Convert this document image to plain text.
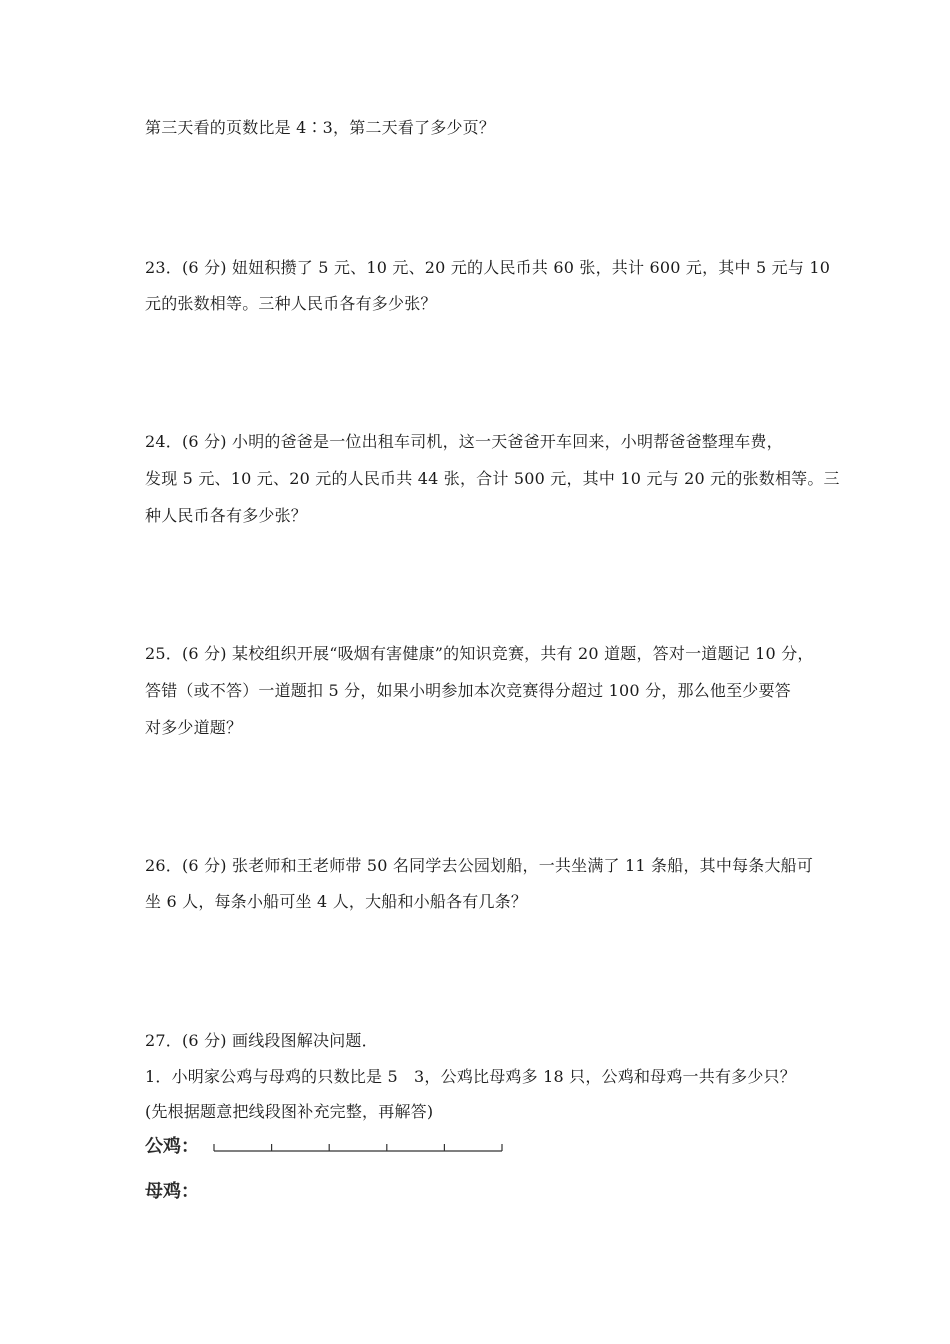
第三天看的页数比是 4∶3，第二天看了多少页？
23．(6 分) 妞妞积攒了 5 元、10 元、20 元的人民币共 60 张，共计 600 元，其中 5 元与 10
元的张数相等。三种人民币各有多少张？
24．(6 分) 小明的爸爸是一位出租车司机，这一天爸爸开车回来，小明帮爸爸整理车费，
发现 5 元、10 元、20 元的人民币共 44 张，合计 500 元，其中 10 元与 20 元的张数相等。三
种人民币各有多少张？
25．(6 分) 某校组织开展“吸烟有害健康”的知识竞赛，共有 20 道题，答对一道题记 10 分，
答错（或不答）一道题扣 5 分，如果小明参加本次竞赛得分超过 100 分，那么他至少要答
对多少道题？
26．(6 分) 张老师和王老师带 50 名同学去公园划船，一共坐满了 11 条船，其中每条大船可
坐 6 人，每条小船可坐 4 人，大船和小船各有几条？
27．(6 分) 画线段图解决问题．
1．小明家公鸡与母鸡的只数比是 5　3，公鸡比母鸡多 18 只，公鸡和母鸡一共有多少只？
(先根据题意把线段图补充完整，再解答)
公鸡：
母鸡：
